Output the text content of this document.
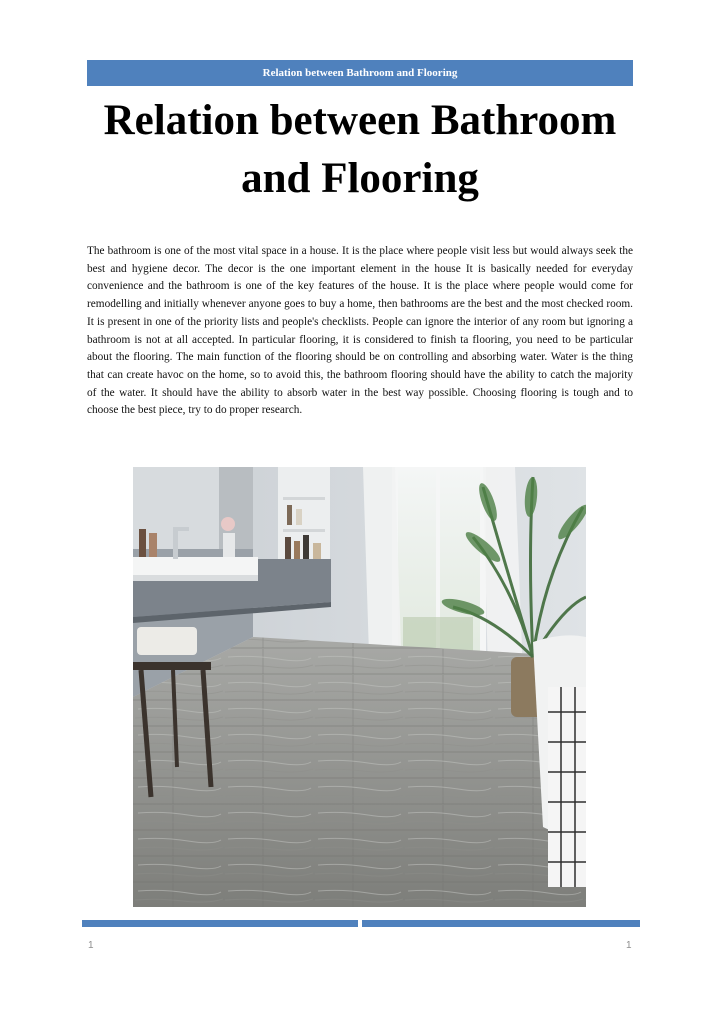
Relation between Bathroom and Flooring
Relation between Bathroom and Flooring

The bathroom is one of the most vital space in a house. It is the place where people visit less but would always seek the best and hygiene decor. The decor is the one important element in the house It is basically needed for everyday convenience and the bathroom is one of the key features of the house. It is the place where people would come for remodelling and initially whenever anyone goes to buy a home, then bathrooms are the best and the most checked room. It is present in one of the priority lists and people's checklists. People can ignore the interior of any room but ignoring a bathroom is not at all accepted. In particular flooring, it is considered to finish ta flooring, you need to be particular about the flooring. The main function of the flooring should be on controlling and absorbing water. Water is the thing that can create havoc on the home, so to avoid this, the bathroom flooring should have the ability to catch the majority of the water. It should have the ability to absorb water in the best way possible. Choosing flooring is tough and to choose the best piece, try to do proper research.

1	1
